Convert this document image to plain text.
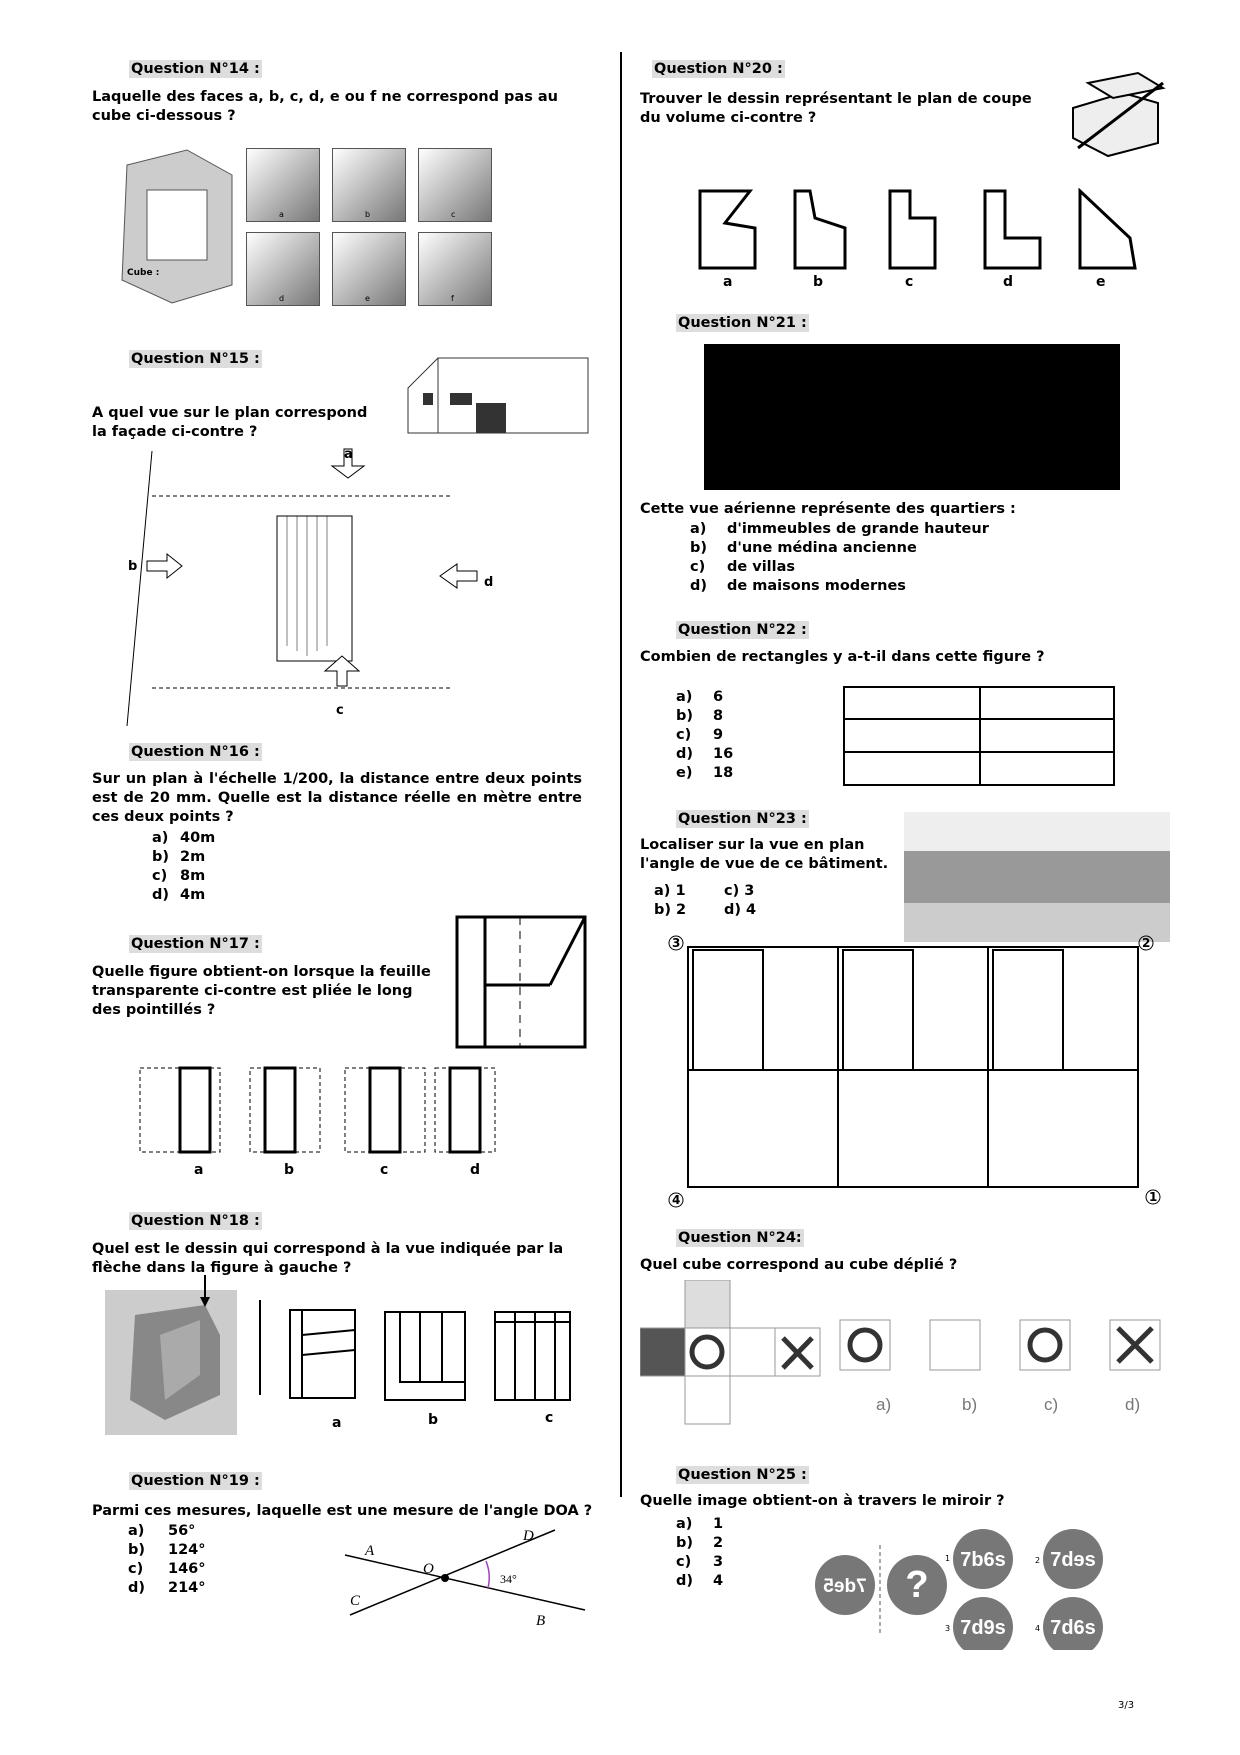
Question N°14 :
Laquelle des faces a, b, c, d, e ou f ne correspond pas au cube ci-dessous ?
Cube :
a	b	c
d	e	f
Question N°15 :
A quel vue sur le plan correspond la façade ci-contre ?
a
b
c
d
Question N°16 :
Sur un plan à l'échelle 1/200, la distance entre deux points est de 20 mm. Quelle est la distance réelle en mètre entre ces deux points ?
a) 40m
b) 2m
c) 8m
d) 4m
Question N°17 :
Quelle figure obtient-on lorsque la feuille transparente ci-contre est pliée le long des pointillés ?
a	b	c	d
Question N°18 :
Quel est le dessin qui correspond à la vue indiquée par la flèche dans la figure à gauche ?
a	b	c
Question N°19 :
Parmi ces mesures, laquelle est une mesure de l'angle DOA ?
a) 56°
b) 124°
c) 146°
d) 214°
A
D
O
C
B
34°
Question N°20 :
Trouver le dessin représentant le plan de coupe du volume ci-contre ?
a	b	c	d	e
Question N°21 :
Cette vue aérienne représente des quartiers :
a) d'immeubles de grande hauteur
b) d'une médina ancienne
c) de villas
d) de maisons modernes
Question N°22 :
Combien de rectangles y a-t-il dans cette figure ?
a) 6
b) 8
c) 9
d) 16
e) 18
Question N°23 :
Localiser sur la vue en plan l'angle de vue de ce bâtiment.
a) 1	c) 3
b) 2	d) 4
3	2
4	1
Question N°24:
Quel cube correspond au cube déplié ?
a)	b)	c)	d)
Question N°25 :
Quelle image obtient-on à travers le miroir ?
a) 1
b) 2
c) 3
d) 4	7de5 ?
7b6s 7dɘs
7d9s 7d6s
1	2
3	4
3/3
